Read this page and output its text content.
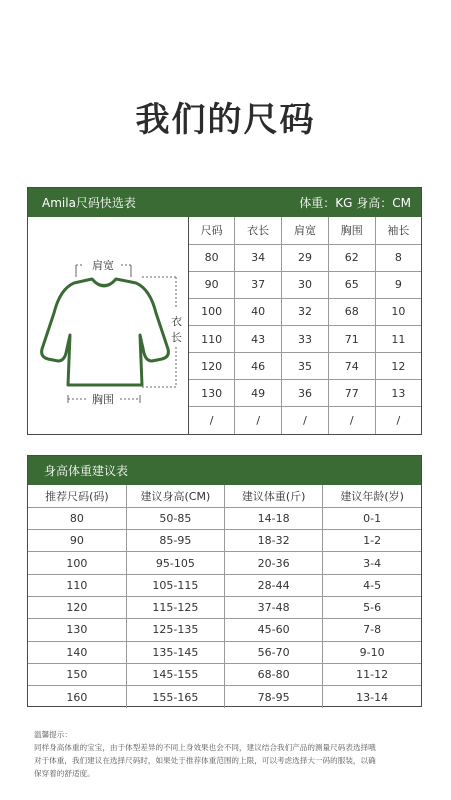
我们的尺码
Amila尺码快选表	体重：KG 身高：CM
肩宽
衣
长
胸围
尺码	衣长	肩宽	胸围	袖长
80	34	29	62	8
90	37	30	65	9
100	40	32	68	10
110	43	33	71	11
120	46	35	74	12
130	49	36	77	13
/	/	/	/	/
身高体重建议表
推荐尺码(码)	建议身高(CM)	建议体重(斤)	建议年龄(岁)
80	50-85	14-18	0-1
90	85-95	18-32	1-2
100	95-105	20-36	3-4
110	105-115	28-44	4-5
120	115-125	37-48	5-6
130	125-135	45-60	7-8
140	135-145	56-70	9-10
150	145-155	68-80	11-12
160	155-165	78-95	13-14
温馨提示：
同样身高体重的宝宝，由于体型差异的不同上身效果也会不同，建议结合我们产品的测量尺码表选择哦
对于体重，我们建议在选择尺码时，如果处于推荐体重范围的上限，可以考虑选择大一码的服装，以确
保穿着的舒适度。
